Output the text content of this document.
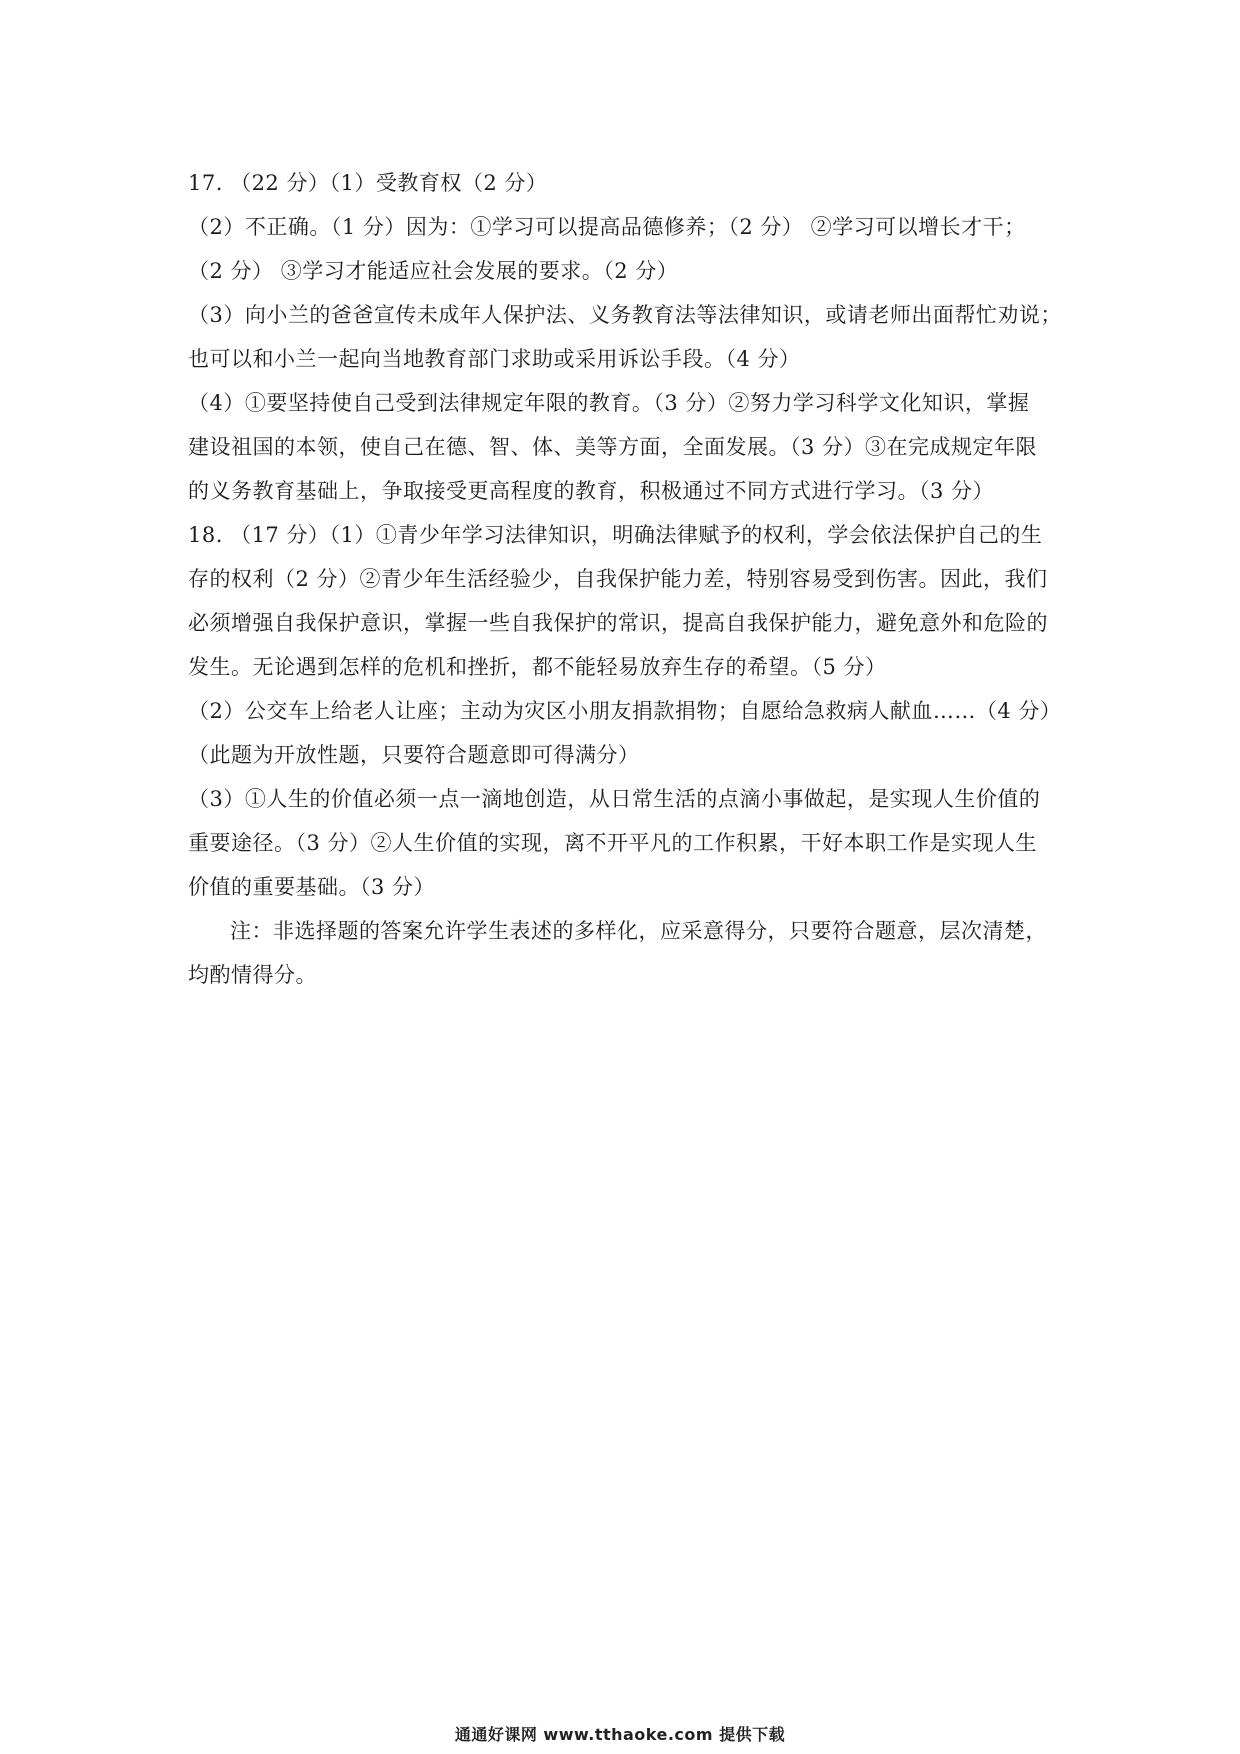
17. （22 分）（1）受教育权（2 分）
（2）不正确。（1 分）因为：①学习可以提高品德修养；（2 分） ②学习可以增长才干；
（2 分） ③学习才能适应社会发展的要求。（2 分）
（3）向小兰的爸爸宣传未成年人保护法、义务教育法等法律知识，或请老师出面帮忙劝说；
也可以和小兰一起向当地教育部门求助或采用诉讼手段。（4 分）
（4）①要坚持使自己受到法律规定年限的教育。（3 分）②努力学习科学文化知识，掌握
建设祖国的本领，使自己在德、智、体、美等方面，全面发展。（3 分）③在完成规定年限
的义务教育基础上，争取接受更高程度的教育，积极通过不同方式进行学习。（3 分）
18. （17 分）（1）①青少年学习法律知识，明确法律赋予的权利，学会依法保护自己的生
存的权利（2 分）②青少年生活经验少，自我保护能力差，特别容易受到伤害。因此，我们
必须增强自我保护意识，掌握一些自我保护的常识，提高自我保护能力，避免意外和危险的
发生。无论遇到怎样的危机和挫折，都不能轻易放弃生存的希望。（5 分）
（2）公交车上给老人让座；主动为灾区小朋友捐款捐物；自愿给急救病人献血……（4 分）
（此题为开放性题，只要符合题意即可得满分）
（3）①人生的价值必须一点一滴地创造，从日常生活的点滴小事做起，是实现人生价值的
重要途径。（3 分）②人生价值的实现，离不开平凡的工作积累，干好本职工作是实现人生
价值的重要基础。（3 分）
注：非选择题的答案允许学生表述的多样化，应采意得分，只要符合题意，层次清楚，
均酌情得分。
通通好课网 www.tthaoke.com 提供下载
